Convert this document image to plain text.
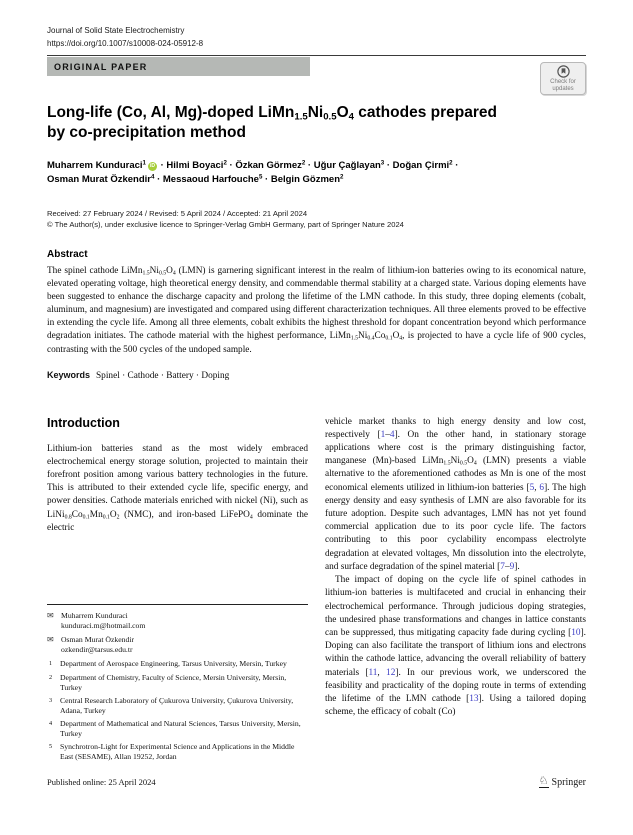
Journal of Solid State Electrochemistry
https://doi.org/10.1007/s10008-024-05912-8
ORIGINAL PAPER
Check for
updates
Long-life (Co, Al, Mg)-doped $LiMn_{1.5}Ni_{0.5}O_4$ cathodes prepared
by co-precipitation method
Muharrem Kunduraci$^1$ iD · Hilmi Boyaci$^2$ · Özkan Görmez$^2$ · Uğur Çağlayan$^3$ · Doğan Çirmi$^2$ ·
Osman Murat Özkendir$^4$ · Messaoud Harfouche$^5$ · Belgin Gözmen$^2$
Received: 27 February 2024 / Revised: 5 April 2024 / Accepted: 21 April 2024
© The Author(s), under exclusive licence to Springer-Verlag GmbH Germany, part of Springer Nature 2024
Abstract

The spinel cathode $LiMn_{1.5}Ni_{0.5}O_4$ (LMN) is garnering significant interest in the realm of lithium-ion batteries owing to its economical nature, elevated operating voltage, high theoretical energy density, and commendable thermal stability at a charged state. Various doping elements have been suggested to enhance the discharge capacity and prolong the lifetime of the LMN cathode. In this study, three doping elements (cobalt, aluminum, and magnesium) are investigated and compared using different characterization techniques. All three elements proved to be effective in extending the cycle life. Among all three elements, cobalt exhibits the highest threshold for dopant concentration beyond which performance degradation initiates. The cathode material with the highest performance, $LiMn_{1.5}Ni_{0.4}Co_{0.1}O_4$, is projected to have a cycle life of 900 cycles, contrasting with the 500 cycles of the undoped sample.

Keywords Spinel · Cathode · Battery · Doping
Introduction

Lithium-ion batteries stand as the most widely embraced electrochemical energy storage solution, projected to maintain their forefront position among various battery technologies in the future. This is attributed to their extended cycle life, specific energy, and power densities. Cathode materials enriched with nickel (Ni), such as $LiNi_{0.8}Co_{0.1}Mn_{0.1}O_2$ (NMC), and iron-based LiFePO$_4$ dominate the electric

✉ Muharrem Kunduraci
kunduraci.m@hotmail.com
✉ Osman Murat Özkendir
ozkendir@tarsus.edu.tr
1	Department of Aerospace Engineering, Tarsus University, Mersin, Turkey
2	Department of Chemistry, Faculty of Science, Mersin University, Mersin, Turkey
3	Central Research Laboratory of Çukurova University, Çukurova University, Adana, Turkey
4	Department of Mathematical and Natural Sciences, Tarsus University, Mersin, Turkey
5	Synchrotron-Light for Experimental Science and Applications in the Middle East (SESAME), Allan 19252, Jordan

vehicle market thanks to high energy density and low cost, respectively [1–4]. On the other hand, in stationary storage applications where cost is the primary distinguishing factor, manganese (Mn)-based $LiMn_{1.5}Ni_{0.5}O_4$ (LMN) presents a viable alternative to the aforementioned cathodes as Mn is one of the most economical elements utilized in lithium-ion batteries [5, 6]. The high energy density and easy synthesis of LMN are also favorable for its future adoption. Despite such advantages, LMN has not yet found commercial application due to its poor cycle life. The factors contributing to this poor cyclability encompass electrolyte degradation at elevated voltages, Mn dissolution into the electrolyte, and surface degradation of the spinel material [7–9].

The impact of doping on the cycle life of spinel cathodes in lithium-ion batteries is multifaceted and crucial in enhancing their electrochemical performance. Through judicious doping strategies, the undesired phase transformations and changes in lattice constants can be suppressed, thus mitigating capacity fade during cycling [10]. Doping can also facilitate the transport of lithium ions and electrons within the cathode lattice, advancing the overall reliability of battery materials [11, 12]. In our previous work, we underscored the feasibility and practicality of the doping route in terms of extending the lifetime of the LMN cathode [13]. Using a tailored doping scheme, the efficacy of cobalt (Co)

Published online: 25 April 2024	♘ Springer
